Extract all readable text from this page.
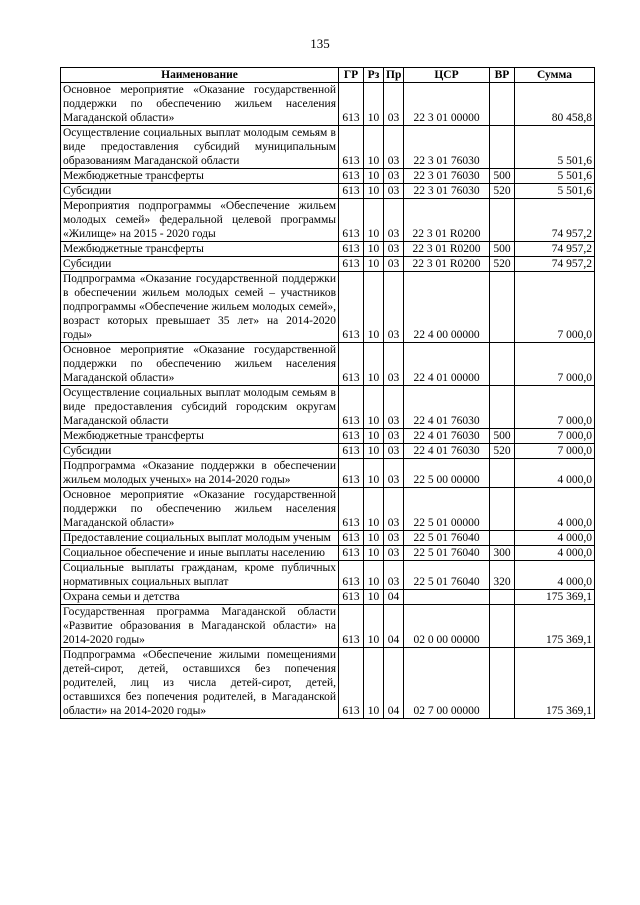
135
Наименование	ГР	Рз	Пр	ЦСР	ВР	Сумма
Основное мероприятие «Оказание государственной поддержки по обеспечению жильем населения Магаданской области»	613	10	03	22 3 01 00000		80 458,8
Осуществление социальных выплат молодым семьям в виде предоставления субсидий муниципальным образованиям Магаданской области	613	10	03	22 3 01 76030		5 501,6
Межбюджетные трансферты	613	10	03	22 3 01 76030	500	5 501,6
Субсидии	613	10	03	22 3 01 76030	520	5 501,6
Мероприятия подпрограммы «Обеспечение жильем молодых семей» федеральной целевой программы «Жилище» на 2015 - 2020 годы	613	10	03	22 3 01 R0200		74 957,2
Межбюджетные трансферты	613	10	03	22 3 01 R0200	500	74 957,2
Субсидии	613	10	03	22 3 01 R0200	520	74 957,2
Подпрограмма «Оказание государственной поддержки в обеспечении жильем молодых семей – участников подпрограммы «Обеспечение жильем молодых семей», возраст которых превышает 35 лет» на 2014-2020 годы»	613	10	03	22 4 00 00000		7 000,0
Основное мероприятие «Оказание государственной поддержки по обеспечению жильем населения Магаданской области»	613	10	03	22 4 01 00000		7 000,0
Осуществление социальных выплат молодым семьям в виде предоставления субсидий городским округам Магаданской области	613	10	03	22 4 01 76030		7 000,0
Межбюджетные трансферты	613	10	03	22 4 01 76030	500	7 000,0
Субсидии	613	10	03	22 4 01 76030	520	7 000,0
Подпрограмма «Оказание поддержки в обеспечении жильем молодых ученых» на 2014-2020 годы»	613	10	03	22 5 00 00000		4 000,0
Основное мероприятие «Оказание государственной поддержки по обеспечению жильем населения Магаданской области»	613	10	03	22 5 01 00000		4 000,0
Предоставление социальных выплат молодым ученым	613	10	03	22 5 01 76040		4 000,0
Социальное обеспечение и иные выплаты населению	613	10	03	22 5 01 76040	300	4 000,0
Социальные выплаты гражданам, кроме публичных нормативных социальных выплат	613	10	03	22 5 01 76040	320	4 000,0
Охрана семьи и детства	613	10	04			175 369,1
Государственная программа Магаданской области «Развитие образования в Магаданской области» на 2014-2020 годы»	613	10	04	02 0 00 00000		175 369,1
Подпрограмма «Обеспечение жилыми помещениями детей-сирот, детей, оставшихся без попечения родителей, лиц из числа детей-сирот, детей, оставшихся без попечения родителей, в Магаданской области» на 2014-2020 годы»	613	10	04	02 7 00 00000		175 369,1
